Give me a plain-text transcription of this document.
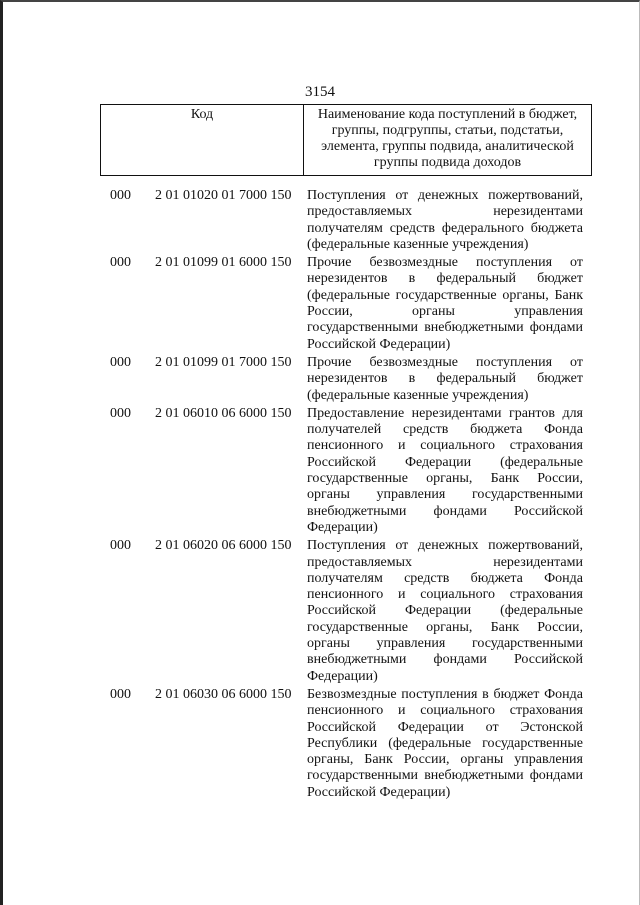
3154
Код	Наименование кода поступлений в бюджет, группы, подгруппы, статьи, подстатьи, элемента, группы подвида, аналитической группы подвида доходов
000	2 01 01020 01 7000 150	Поступления от денежных пожертвований, предоставляемых нерезидентами получателям средств федерального бюджета (федеральные казенные учреждения)
000	2 01 01099 01 6000 150	Прочие безвозмездные поступления от нерезидентов в федеральный бюджет (федеральные государственные органы, Банк России, органы управления государственными внебюджетными фондами Российской Федерации)
000	2 01 01099 01 7000 150	Прочие безвозмездные поступления от нерезидентов в федеральный бюджет (федеральные казенные учреждения)
000	2 01 06010 06 6000 150	Предоставление нерезидентами грантов для получателей средств бюджета Фонда пенсионного и социального страхования Российской Федерации (федеральные государственные органы, Банк России, органы управления государственными внебюджетными фондами Российской Федерации)
000	2 01 06020 06 6000 150	Поступления от денежных пожертвований, предоставляемых нерезидентами получателям средств бюджета Фонда пенсионного и социального страхования Российской Федерации (федеральные государственные органы, Банк России, органы управления государственными внебюджетными фондами Российской Федерации)
000	2 01 06030 06 6000 150	Безвозмездные поступления в бюджет Фонда пенсионного и социального страхования Российской Федерации от Эстонской Республики (федеральные государственные органы, Банк России, органы управления государственными внебюджетными фондами Российской Федерации)
